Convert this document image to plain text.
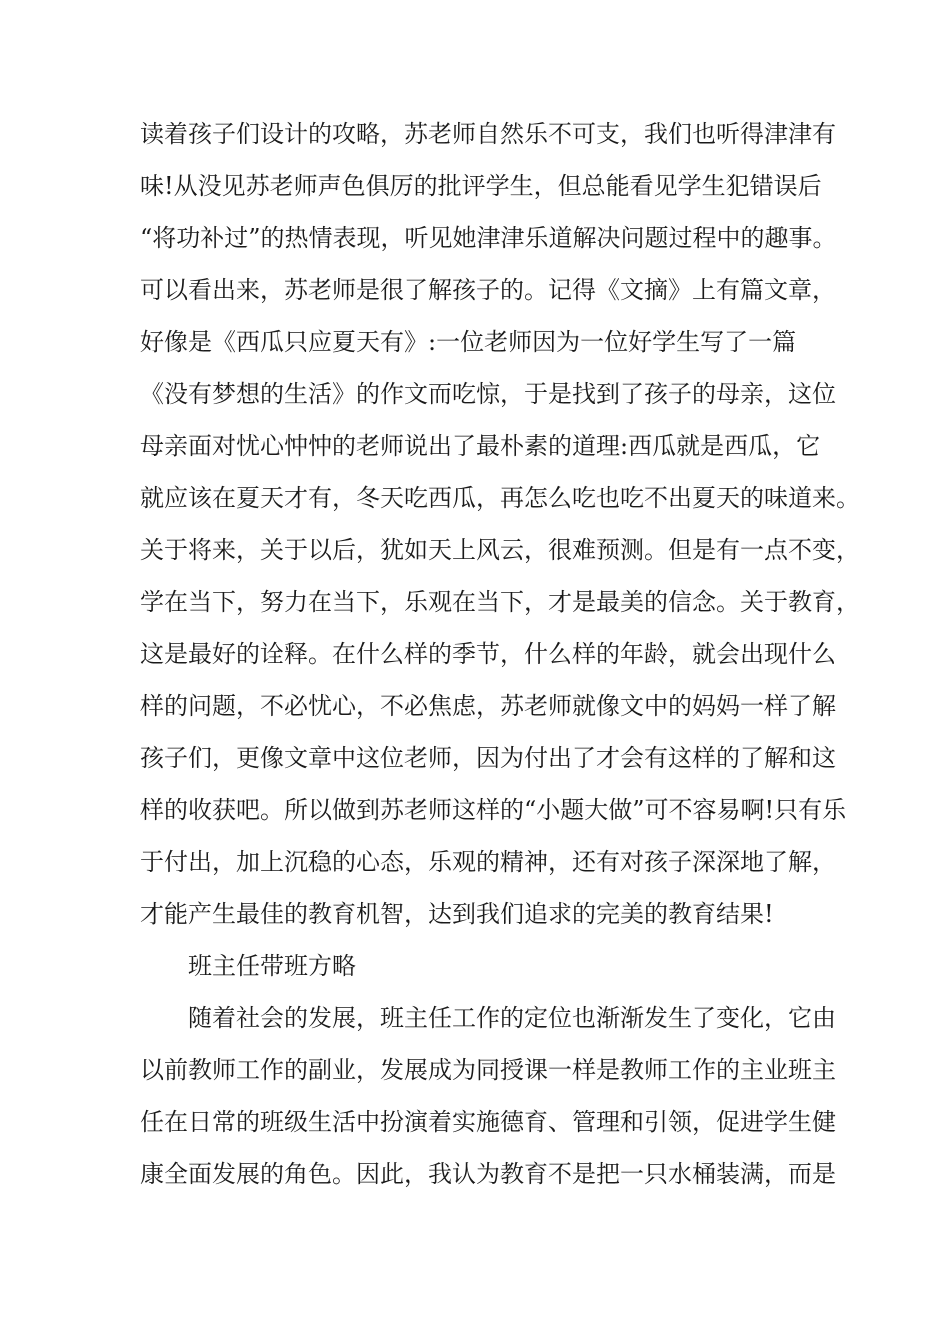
读着孩子们设计的攻略，苏老师自然乐不可支，我们也听得津津有
味!从没见苏老师声色俱厉的批评学生，但总能看见学生犯错误后
“将功补过”的热情表现，听见她津津乐道解决问题过程中的趣事。
可以看出来，苏老师是很了解孩子的。记得《文摘》上有篇文章，
好像是《西瓜只应夏天有》:一位老师因为一位好学生写了一篇
《没有梦想的生活》的作文而吃惊，于是找到了孩子的母亲，这位
母亲面对忧心忡忡的老师说出了最朴素的道理:西瓜就是西瓜，它
就应该在夏天才有，冬天吃西瓜，再怎么吃也吃不出夏天的味道来。
关于将来，关于以后，犹如天上风云，很难预测。但是有一点不变，
学在当下，努力在当下，乐观在当下，才是最美的信念。关于教育，
这是最好的诠释。在什么样的季节，什么样的年龄，就会出现什么
样的问题，不必忧心，不必焦虑，苏老师就像文中的妈妈一样了解
孩子们，更像文章中这位老师，因为付出了才会有这样的了解和这
样的收获吧。所以做到苏老师这样的“小题大做”可不容易啊!只有乐
于付出，加上沉稳的心态，乐观的精神，还有对孩子深深地了解，
才能产生最佳的教育机智，达到我们追求的完美的教育结果!
班主任带班方略
随着社会的发展，班主任工作的定位也渐渐发生了变化，它由
以前教师工作的副业，发展成为同授课一样是教师工作的主业班主
任在日常的班级生活中扮演着实施德育、管理和引领，促进学生健
康全面发展的角色。因此，我认为教育不是把一只水桶装满，而是
